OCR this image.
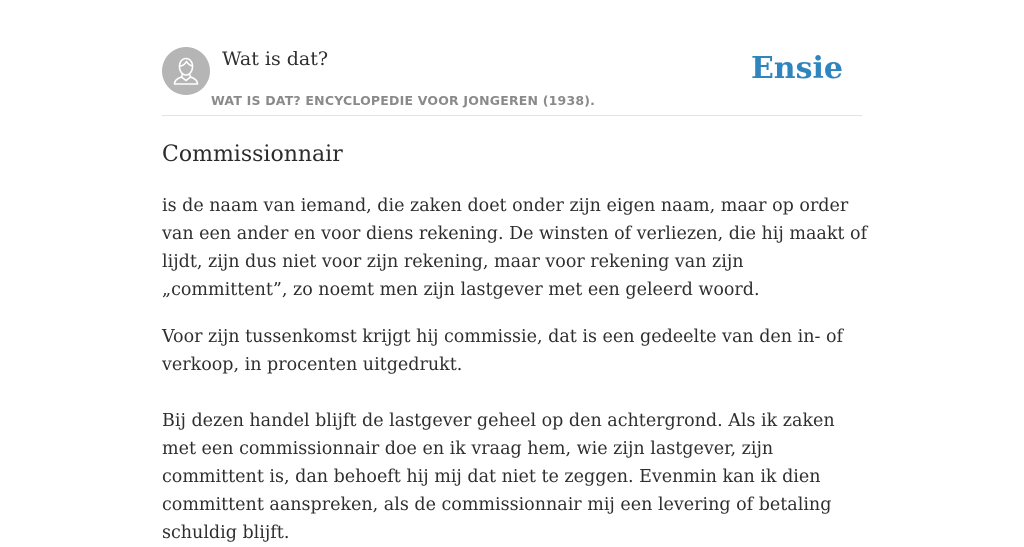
Wat is dat?
WAT IS DAT? ENCYCLOPEDIE VOOR JONGEREN (1938).
Ensie
Commissionnair

is de naam van iemand, die zaken doet onder zijn eigen naam, maar op order van een ander en voor diens rekening. De winsten of verliezen, die hij maakt of lijdt, zijn dus niet voor zijn rekening, maar voor rekening van zijn „committent”, zo noemt men zijn lastgever met een geleerd woord.

Voor zijn tussenkomst krijgt hij commissie, dat is een gedeelte van den in- of verkoop, in procenten uitgedrukt.

Bij dezen handel blijft de lastgever geheel op den achtergrond. Als ik zaken met een commissionnair doe en ik vraag hem, wie zijn lastgever, zijn committent is, dan behoeft hij mij dat niet te zeggen. Evenmin kan ik dien committent aanspreken, als de commissionnair mij een levering of betaling schuldig blijft.
